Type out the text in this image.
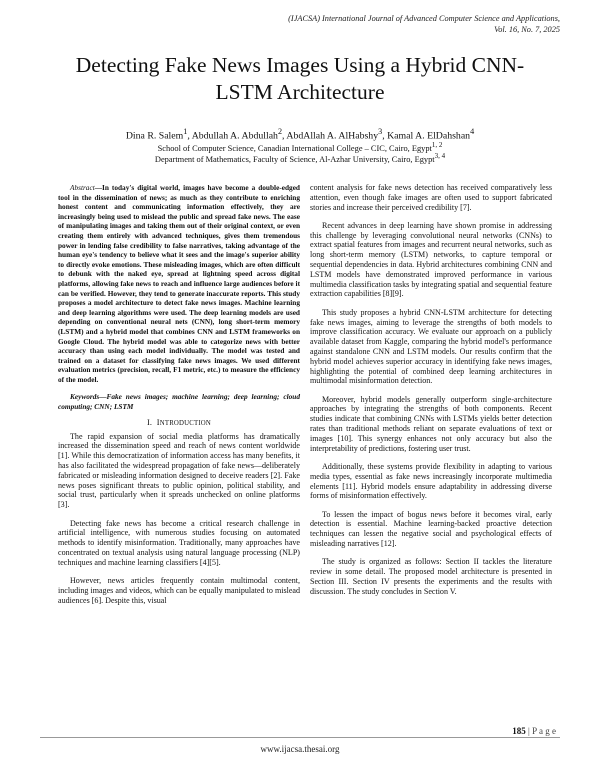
(IJACSA) International Journal of Advanced Computer Science and Applications,
Vol. 16, No. 7, 2025
Detecting Fake News Images Using a Hybrid CNN-
LSTM Architecture
Dina R. Salem$^1$, Abdullah A. Abdullah$^2$, AbdAllah A. AlHabshy$^3$, Kamal A. ElDahshan$^4$
School of Computer Science, Canadian International College – CIC, Cairo, Egypt$^{1, 2}$
Department of Mathematics, Faculty of Science, Al-Azhar University, Cairo, Egypt$^{3, 4}$

Abstract—In today's digital world, images have become a double-edged tool in the dissemination of news; as much as they contribute to enriching honest content and communicating information effectively, they are increasingly being used to mislead the public and spread fake news. The ease of manipulating images and taking them out of their original context, or even creating them entirely with advanced techniques, gives them tremendous power in lending false credibility to false narratives, taking advantage of the human eye's tendency to believe what it sees and the image's superior ability to directly evoke emotions. These misleading images, which are often difficult to debunk with the naked eye, spread at lightning speed across digital platforms, allowing fake news to reach and influence large audiences before it can be verified. However, they tend to generate inaccurate reports. This study proposes a model architecture to detect fake news images. Machine learning and deep learning algorithms were used. The deep learning models are used depending on conventional neural nets (CNN), long short-term memory (LSTM) and a hybrid model that combines CNN and LSTM frameworks on Google Cloud. The hybrid model was able to categorize news with better accuracy than using each model individually. The model was tested and trained on a dataset for classifying fake news images. We used different evaluation metrics (precision, recall, F1 metric, etc.) to measure the efficiency of the model.

Keywords—Fake news images; machine learning; deep learning; cloud computing; CNN; LSTM

I. INTRODUCTION

The rapid expansion of social media platforms has dramatically increased the dissemination speed and reach of news content worldwide [1]. While this democratization of information access has many benefits, it has also facilitated the widespread propagation of fake news—deliberately fabricated or misleading information designed to deceive readers [2]. Fake news poses significant threats to public opinion, political stability, and social trust, particularly when it spreads unchecked on online platforms [3].

Detecting fake news has become a critical research challenge in artificial intelligence, with numerous studies focusing on automated methods to identify misinformation. Traditionally, many approaches have concentrated on textual analysis using natural language processing (NLP) techniques and machine learning classifiers [4][5].

However, news articles frequently contain multimodal content, including images and videos, which can be equally manipulated to mislead audiences [6]. Despite this, visual

content analysis for fake news detection has received comparatively less attention, even though fake images are often used to support fabricated stories and increase their perceived credibility [7].

Recent advances in deep learning have shown promise in addressing this challenge by leveraging convolutional neural networks (CNNs) to extract spatial features from images and recurrent neural networks, such as long short-term memory (LSTM) networks, to capture temporal or sequential dependencies in data. Hybrid architectures combining CNN and LSTM models have demonstrated improved performance in various multimedia classification tasks by integrating spatial and sequential feature extraction capabilities [8][9].

This study proposes a hybrid CNN-LSTM architecture for detecting fake news images, aiming to leverage the strengths of both models to improve classification accuracy. We evaluate our approach on a publicly available dataset from Kaggle, comparing the hybrid model's performance against standalone CNN and LSTM models. Our results confirm that the hybrid model achieves superior accuracy in identifying fake news images, highlighting the potential of combined deep learning architectures in multimodal misinformation detection.

Moreover, hybrid models generally outperform single-architecture approaches by integrating the strengths of both components. Recent studies indicate that combining CNNs with LSTMs yields better detection rates than traditional methods reliant on separate evaluations of text or images [10]. This synergy enhances not only accuracy but also the interpretability of predictions, fostering user trust.

Additionally, these systems provide flexibility in adapting to various media types, essential as fake news increasingly incorporate multimedia elements [11]. Hybrid models ensure adaptability in addressing diverse forms of misinformation effectively.

To lessen the impact of bogus news before it becomes viral, early detection is essential. Machine learning-backed proactive detection techniques can lessen the negative social and psychological effects of misleading narratives [12].

The study is organized as follows: Section II tackles the literature review in some detail. The proposed model architecture is presented in Section III. Section IV presents the experiments and the results with discussion. The study concludes in Section V.

185 | P a g e
www.ijacsa.thesai.org
